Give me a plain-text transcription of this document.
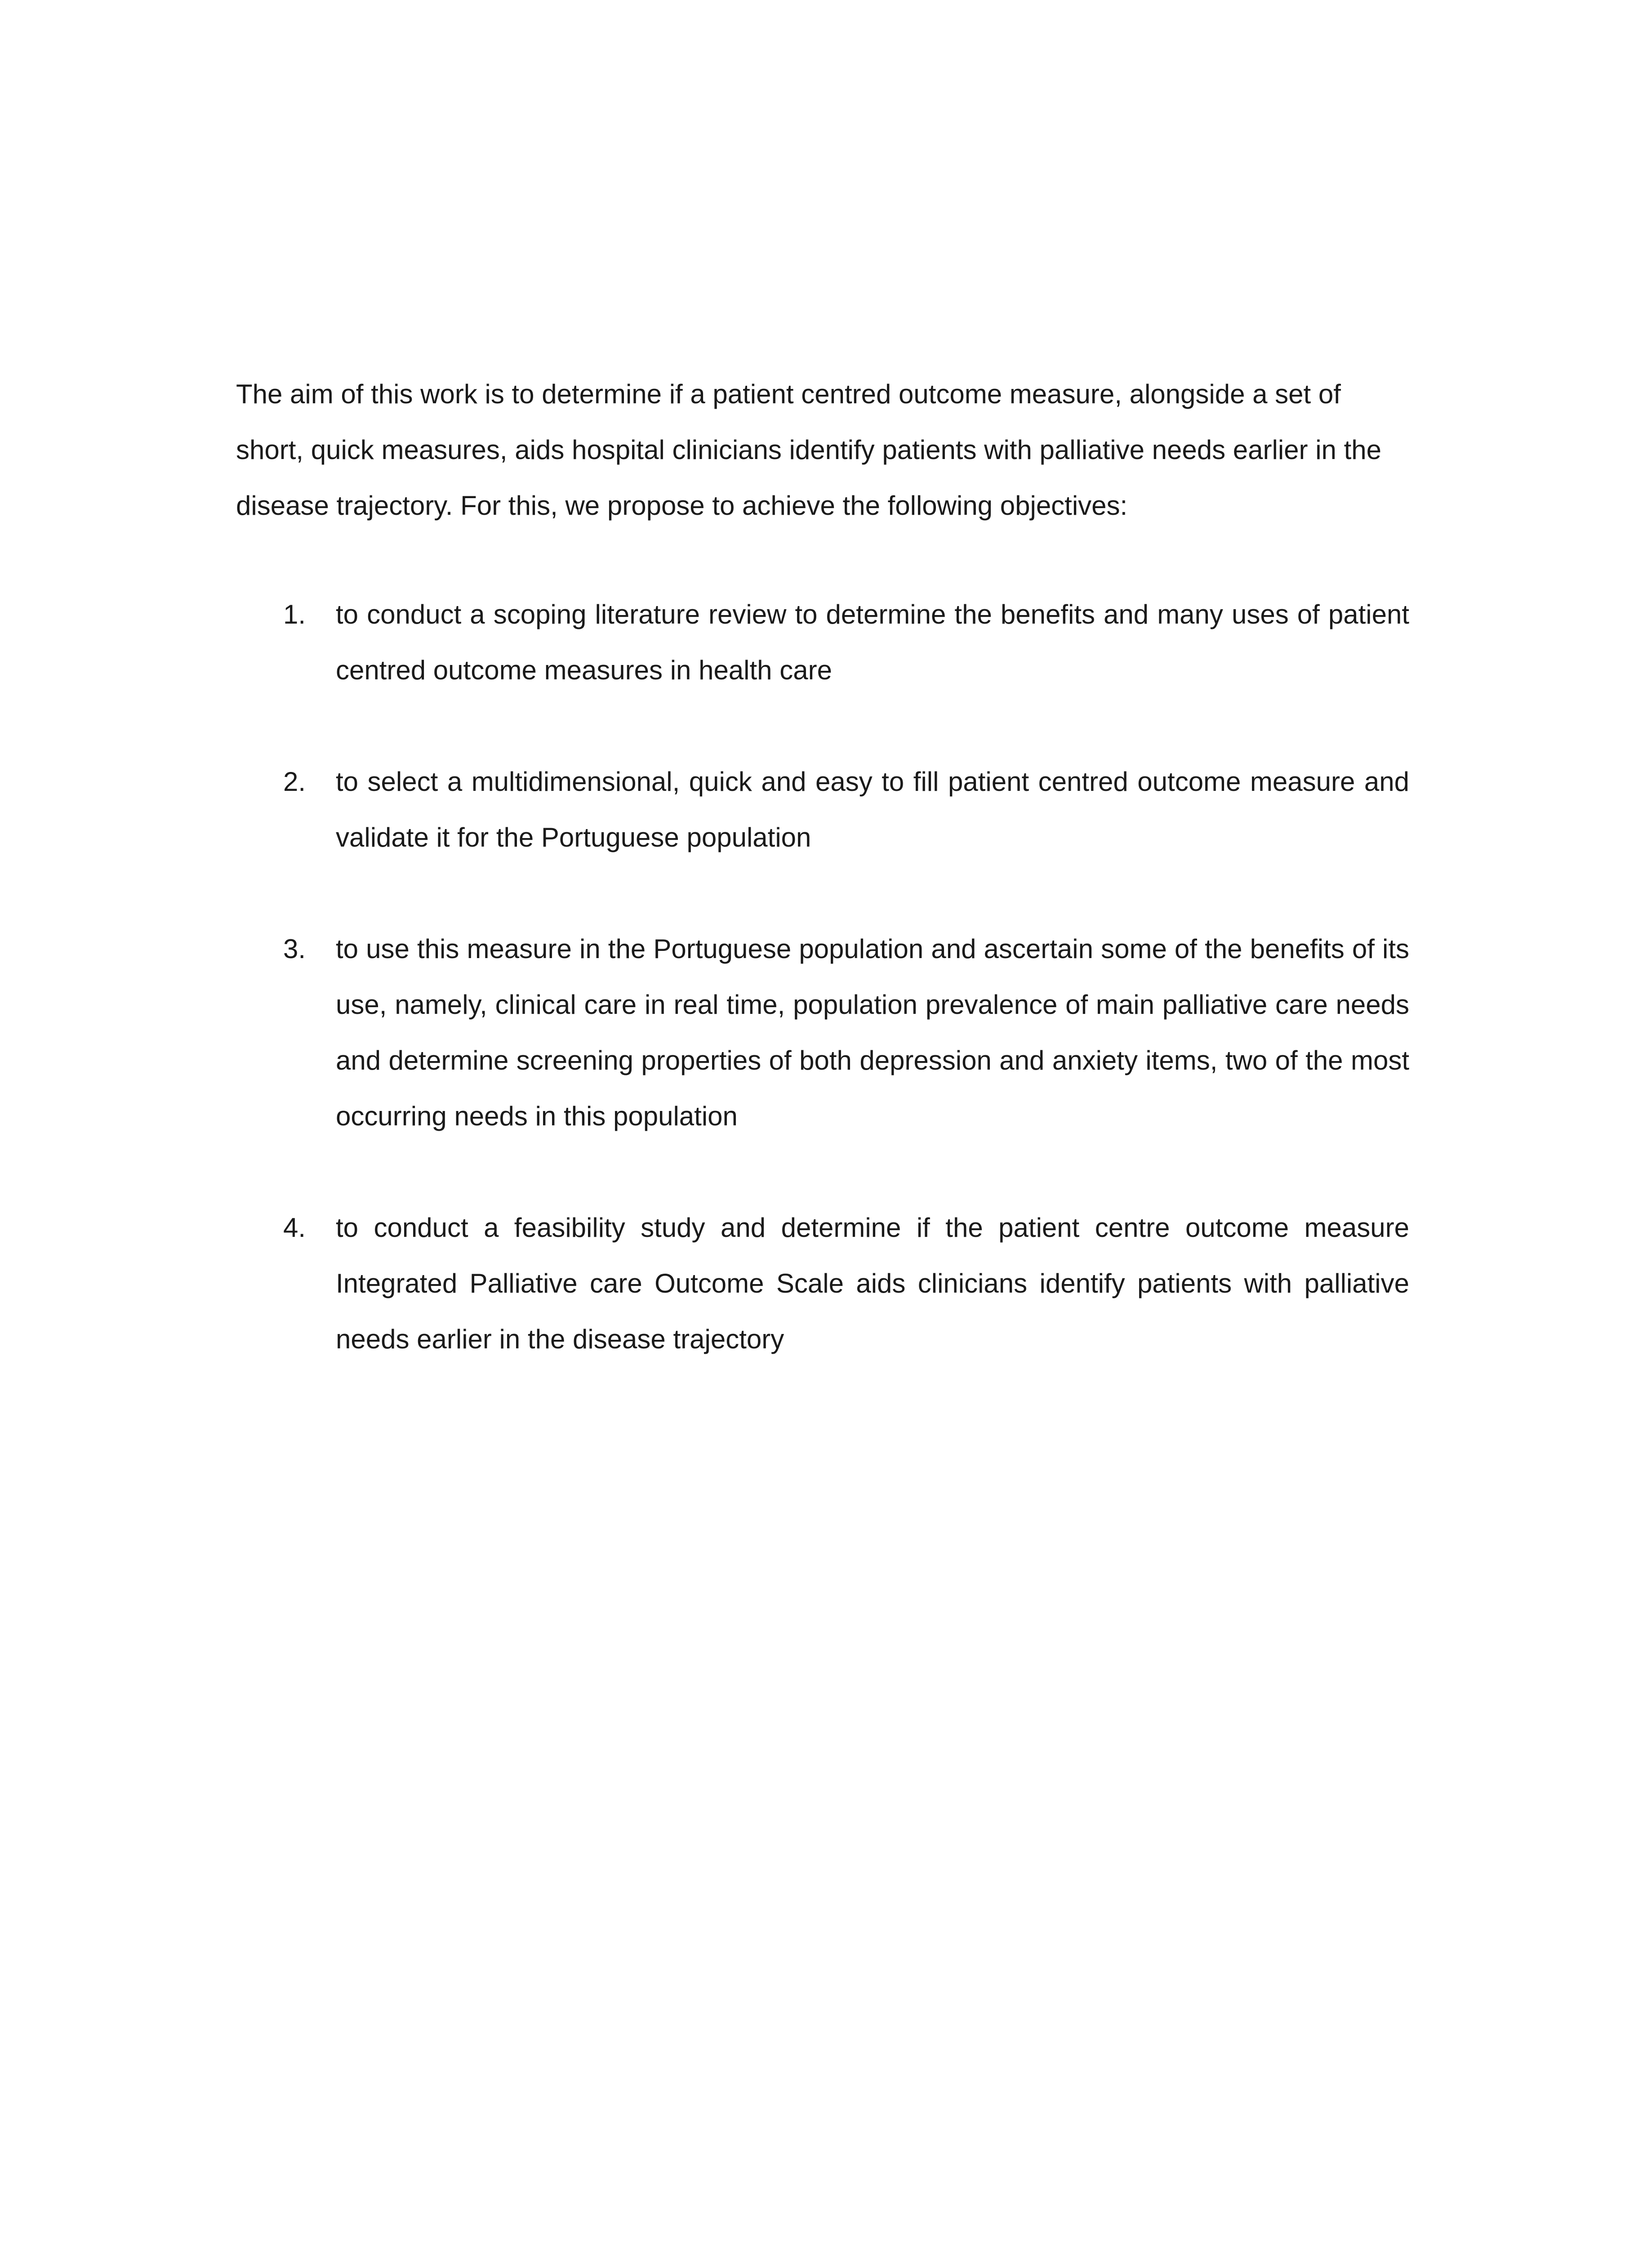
The aim of this work is to determine if a patient centred outcome measure, alongside a set of short, quick measures, aids hospital clinicians identify patients with palliative needs earlier in the disease trajectory. For this, we propose to achieve the following objectives:

1. to conduct a scoping literature review to determine the benefits and many uses of patient centred outcome measures in health care
2. to select a multidimensional, quick and easy to fill patient centred outcome measure and validate it for the Portuguese population
3. to use this measure in the Portuguese population and ascertain some of the benefits of its use, namely, clinical care in real time, population prevalence of main palliative care needs and determine screening properties of both depression and anxiety items, two of the most occurring needs in this population
4. to conduct a feasibility study and determine if the patient centre outcome measure Integrated Palliative care Outcome Scale aids clinicians identify patients with palliative needs earlier in the disease trajectory
